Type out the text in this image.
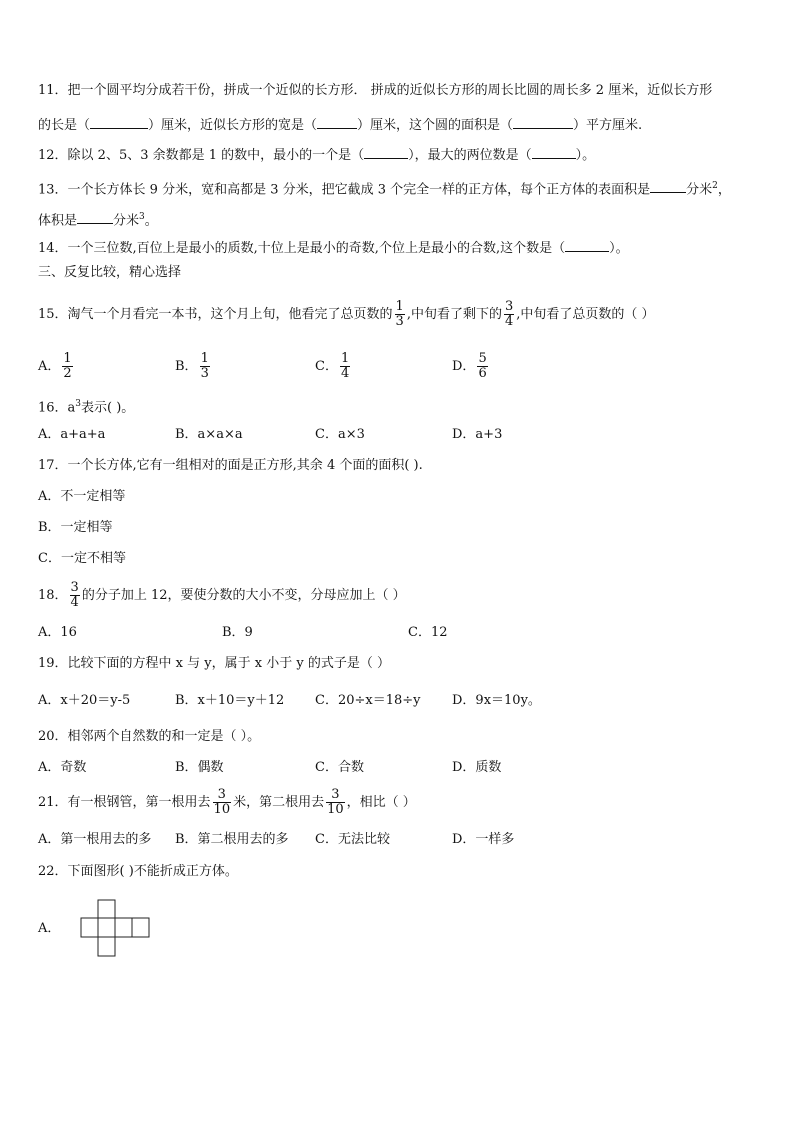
11．把一个圆平均分成若干份，拼成一个近似的长方形． 拼成的近似长方形的周长比圆的周长多 2 厘米，近似长方形
的长是（	）厘米，近似长方形的宽是（	）厘米，这个圆的面积是（	）平方厘米.
12．除以 2、5、3 余数都是 1 的数中，最小的一个是（	），最大的两位数是（	）。
13．一个长方体长 9 分米，宽和高都是 3 分米，把它截成 3 个完全一样的正方体，每个正方体的表面积是	分米$^2$，
体积是	分米$^3$。
14．一个三位数,百位上是最小的质数,十位上是最小的奇数,个位上是最小的合数,这个数是（	）。
三、反复比较，精心选择
15．淘气一个月看完一本书，这个月上旬，他看完了总页数的 $\frac{1}{3}$ ,中旬看了剩下的 $\frac{3}{4}$ ,中旬看了总页数的（ ）
A． $\frac{1}{2}$	B． $\frac{1}{3}$	C． $\frac{1}{4}$	D． $\frac{5}{6}$
16．$a^3$表示( )。
A．a+a+a	B．a×a×a	C．a×3	D．a+3
17．一个长方体,它有一组相对的面是正方形,其余 4 个面的面积( ).
A．不一定相等
B．一定相等
C．一定不相等
18． $\frac{3}{4}$ 的分子加上 12，要使分数的大小不变，分母应加上（ ）
A．16	B．9	C．12
19．比较下面的方程中 x 与 y，属于 x 小于 y 的式子是（ ）
A．x＋20＝y-5	B．x＋10＝y＋12 C．20÷x＝18÷y D．9x＝10y。
20．相邻两个自然数的和一定是（ ）。
A．奇数	B．偶数	C．合数	D．质数
21．有一根钢管，第一根用去 $\frac{3}{10}$ 米，第二根用去 $\frac{3}{10}$ ，相比（ ）
A．第一根用去的多 B．第二根用去的多 C．无法比较	D．一样多
22．下面图形( )不能折成正方体。
A．
